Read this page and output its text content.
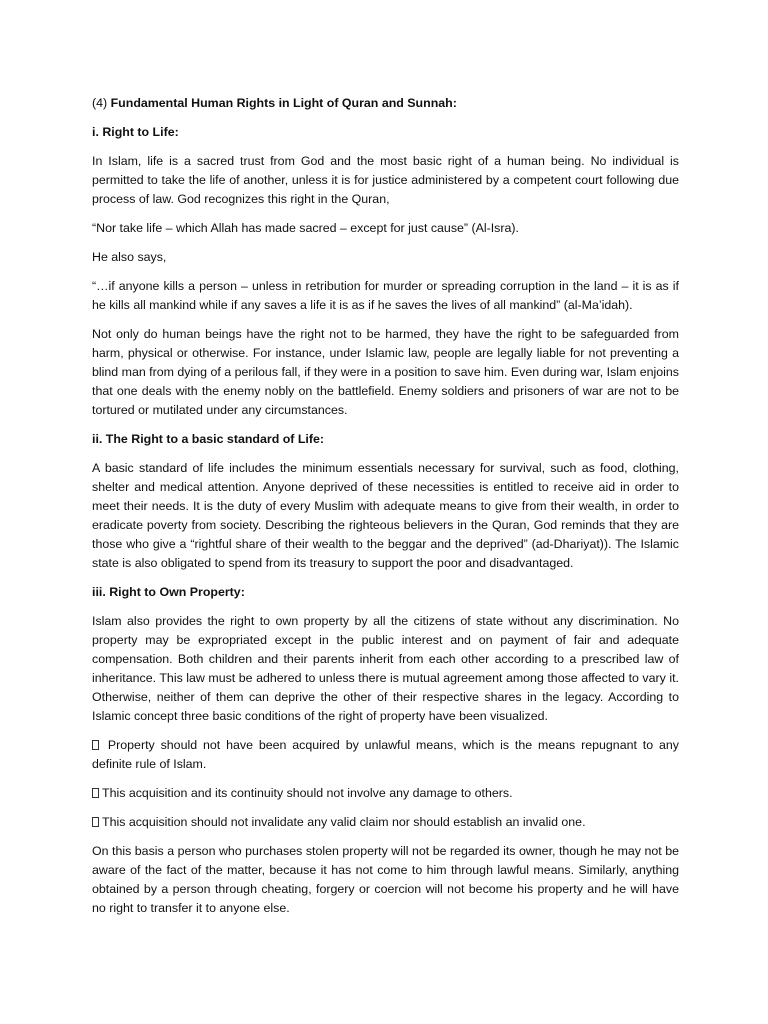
(4) Fundamental Human Rights in Light of Quran and Sunnah:
i. Right to Life:
In Islam, life is a sacred trust from God and the most basic right of a human being. No individual is permitted to take the life of another, unless it is for justice administered by a competent court following due process of law. God recognizes this right in the Quran,
“Nor take life – which Allah has made sacred – except for just cause” (Al-Isra).
He also says,
“…if anyone kills a person – unless in retribution for murder or spreading corruption in the land – it is as if he kills all mankind while if any saves a life it is as if he saves the lives of all mankind” (al-Ma’idah).
Not only do human beings have the right not to be harmed, they have the right to be safeguarded from harm, physical or otherwise. For instance, under Islamic law, people are legally liable for not preventing a blind man from dying of a perilous fall, if they were in a position to save him. Even during war, Islam enjoins that one deals with the enemy nobly on the battlefield. Enemy soldiers and prisoners of war are not to be tortured or mutilated under any circumstances.
ii. The Right to a basic standard of Life:
A basic standard of life includes the minimum essentials necessary for survival, such as food, clothing, shelter and medical attention. Anyone deprived of these necessities is entitled to receive aid in order to meet their needs. It is the duty of every Muslim with adequate means to give from their wealth, in order to eradicate poverty from society. Describing the righteous believers in the Quran, God reminds that they are those who give a “rightful share of their wealth to the beggar and the deprived” (ad-Dhariyat)). The Islamic state is also obligated to spend from its treasury to support the poor and disadvantaged.
iii. Right to Own Property:
Islam also provides the right to own property by all the citizens of state without any discrimination. No property may be expropriated except in the public interest and on payment of fair and adequate compensation. Both children and their parents inherit from each other according to a prescribed law of inheritance. This law must be adhered to unless there is mutual agreement among those affected to vary it. Otherwise, neither of them can deprive the other of their respective shares in the legacy. According to Islamic concept three basic conditions of the right of property have been visualized.
Property should not have been acquired by unlawful means, which is the means repugnant to any definite rule of Islam.
This acquisition and its continuity should not involve any damage to others.
This acquisition should not invalidate any valid claim nor should establish an invalid one.
On this basis a person who purchases stolen property will not be regarded its owner, though he may not be aware of the fact of the matter, because it has not come to him through lawful means. Similarly, anything obtained by a person through cheating, forgery or coercion will not become his property and he will have no right to transfer it to anyone else.
